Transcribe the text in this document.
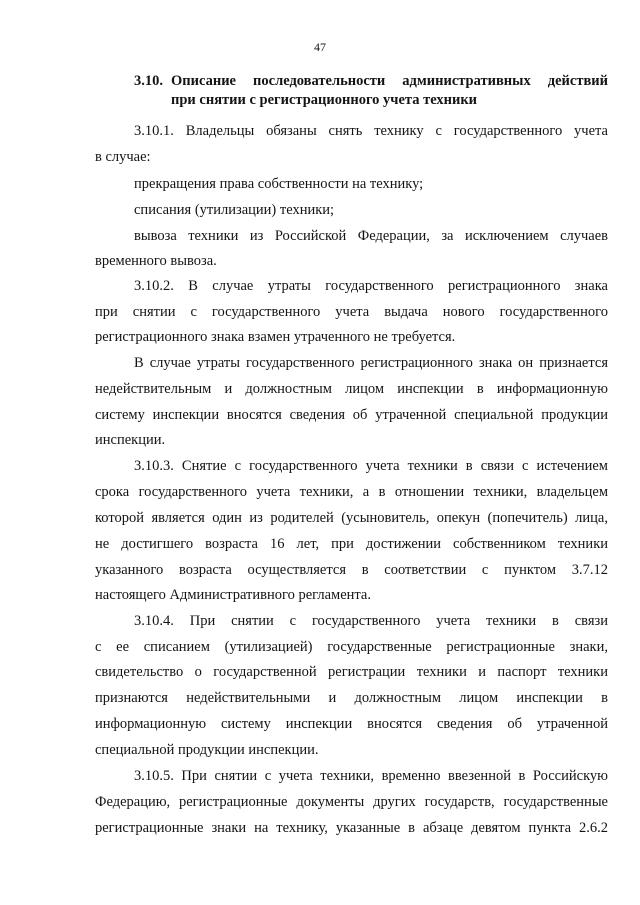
47
3.10. Описание последовательности административных действий
при снятии с регистрационного учета техники
3.10.1. Владельцы обязаны снять технику с государственного учета
в случае:
прекращения права собственности на технику;
списания (утилизации) техники;
вывоза техники из Российской Федерации, за исключением случаев
временного вывоза.
3.10.2. В случае утраты государственного регистрационного знака
при снятии с государственного учета выдача нового государственного
регистрационного знака взамен утраченного не требуется.
В случае утраты государственного регистрационного знака он признается
недействительным и должностным лицом инспекции в информационную
систему инспекции вносятся сведения об утраченной специальной продукции
инспекции.
3.10.3. Снятие с государственного учета техники в связи с истечением
срока государственного учета техники, а в отношении техники, владельцем
которой является один из родителей (усыновитель, опекун (попечитель) лица,
не достигшего возраста 16 лет, при достижении собственником техники
указанного возраста осуществляется в соответствии с пунктом 3.7.12
настоящего Административного регламента.
3.10.4. При снятии с государственного учета техники в связи
с ее списанием (утилизацией) государственные регистрационные знаки,
свидетельство о государственной регистрации техники и паспорт техники
признаются недействительными и должностным лицом инспекции в
информационную систему инспекции вносятся сведения об утраченной
специальной продукции инспекции.
3.10.5. При снятии с учета техники, временно ввезенной в Российскую
Федерацию, регистрационные документы других государств, государственные
регистрационные знаки на технику, указанные в абзаце девятом пункта 2.6.2
